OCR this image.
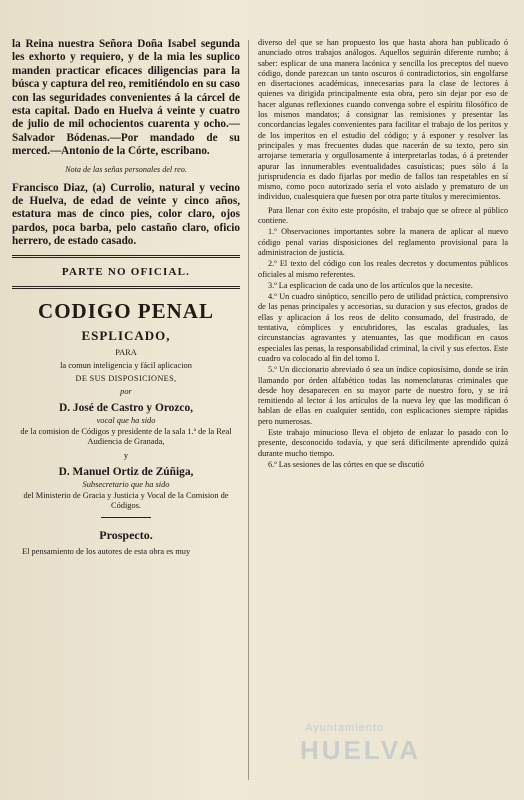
la Reina nuestra Señora Doña Isabel segunda les exhorto y requiero, y de la mia les suplico manden practicar eficaces diligencias para la búsca y captura del reo, remitiéndolo en su caso con las seguridades convenientes á la cárcel de esta capital. Dado en Huelva á veinte y cuatro de julio de mil ochocientos cuarenta y ocho.—Salvador Bódenas.—Por mandado de su merced.—Antonio de la Córte, escribano.

Nota de las señas personales del reo.

Francisco Diaz, (a) Currolio, natural y vecino de Huelva, de edad de veinte y cinco años, estatura mas de cinco pies, color claro, ojos pardos, poca barba, pelo castaño claro, oficio herrero, de estado casado.

PARTE NO OFICIAL.
CODIGO PENAL
ESPLICADO,
PARA
la comun inteligencia y fácil aplicacion
DE SUS DISPOSICIONES,
por
D. José de Castro y Orozco,
vocal que ha sido
de la comision de Códigos y presidente de la sala 1.ª de la Real Audiencia de Granada,
y
D. Manuel Ortiz de Zúñiga,
Subsecretario que ha sido
del Ministerio de Gracia y Justicia y Vocal de la Comision de Códigos.
Prospecto.

El pensamiento de los autores de esta obra es muy

diverso del que se han propuesto los que hasta ahora han publicado ó anunciado otros trabajos análogos. Aquellos seguirán diferente rumbo; á saber: esplicar de una manera lacónica y sencilla los preceptos del nuevo código, donde parezcan un tanto oscuros ó contradictorios, sin engolfarse en disertaciones académicas, innecesarias para la clase de lectores á quienes va dirigida principalmente esta obra, pero sin dejar por eso de hacer algunas reflexiones cuando convenga sobre el espíritu filosófico de los mismos mandatos; á consignar las remisiones y presentar las concordancias legales convenientes para facilitar el trabajo de los peritos y de los imperitos en el estudio del código; y á esponer y resolver las principales y mas frecuentes dudas que nacerán de su texto, pero sin arrojarse temeraria y orgullosamente á interpretarlas todas, ó á pretender apurar las innumerables eventualidades casuísticas; pues sólo á la jurisprudencia es dado fijarlas por medio de fallos tan respetables en sí mismo, como poco autorizado sería el voto aislado y prematuro de un individuo, cualesquiera que fuesen por otra parte títulos y merecimientos.

Para llenar con éxito este propósito, el trabajo que se ofrece al público contiene.

1.º Observaciones importantes sobre la manera de aplicar al nuevo código penal varias disposiciones del reglamento provisional para la administracion de justicia.

2.º El texto del código con los reales decretos y documentos públicos oficiales al mismo referentes.

3.º La esplicacion de cada uno de los artículos que la necesite.

4.º Un cuadro sinóptico, sencillo pero de utilidad práctica, comprensivo de las penas principales y accesorias, su duracion y sus efectos, grados de ellas y aplicacion á los reos de delito consumado, del frustrado, de tentativa, cómplices y encubridores, las escalas graduales, las circunstancias agravantes y atenuantes, las que modifican en casos especiales las penas, la responsabilidad criminal, la civil y sus efectos. Este cuadro va colocado al fin del tomo I.

5.º Un diccionario abreviado ó sea un índice copiosísimo, donde se irán llamando por órden alfabético todas las nomenclaturas criminales que desde hoy desaparecen en su mayor parte de nuestro foro, y se irá remitiendo al lector á los artículos de la nueva ley que las modifican ó hablan de ellas en cualquier sentido, con esplicaciones siempre rápidas pero numerosas.

Este trabajo minucioso lleva el objeto de enlazar lo pasado con lo presente, desconocido todavía, y que será dificilmente aprendido quizá durante mucho tiempo.

6.º Las sesiones de las córtes en que se discutió

Ayuntamiento
HUELVA
